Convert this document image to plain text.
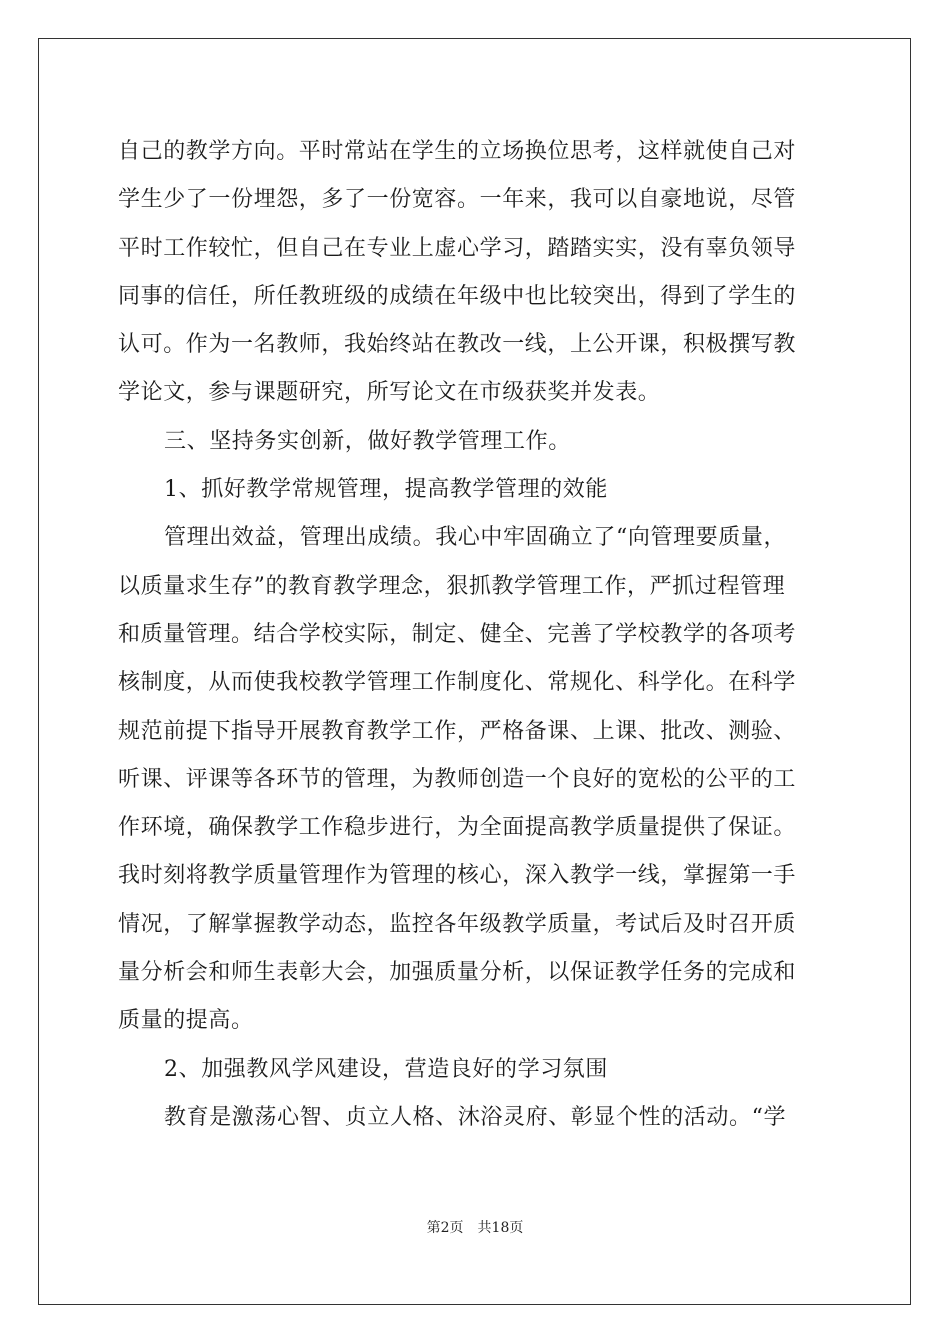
自己的教学方向。平时常站在学生的立场换位思考，这样就使自己对
学生少了一份埋怨，多了一份宽容。一年来，我可以自豪地说，尽管
平时工作较忙，但自己在专业上虚心学习，踏踏实实，没有辜负领导
同事的信任，所任教班级的成绩在年级中也比较突出，得到了学生的
认可。作为一名教师，我始终站在教改一线，上公开课，积极撰写教
学论文，参与课题研究，所写论文在市级获奖并发表。
三、坚持务实创新，做好教学管理工作。
1、抓好教学常规管理，提高教学管理的效能
管理出效益，管理出成绩。我心中牢固确立了“向管理要质量，
以质量求生存”的教育教学理念，狠抓教学管理工作，严抓过程管理
和质量管理。结合学校实际，制定、健全、完善了学校教学的各项考
核制度，从而使我校教学管理工作制度化、常规化、科学化。在科学
规范前提下指导开展教育教学工作，严格备课、上课、批改、测验、
听课、评课等各环节的管理，为教师创造一个良好的宽松的公平的工
作环境，确保教学工作稳步进行，为全面提高教学质量提供了保证。
我时刻将教学质量管理作为管理的核心，深入教学一线，掌握第一手
情况，了解掌握教学动态，监控各年级教学质量，考试后及时召开质
量分析会和师生表彰大会，加强质量分析，以保证教学任务的完成和
质量的提高。
2、加强教风学风建设，营造良好的学习氛围
教育是激荡心智、贞立人格、沐浴灵府、彰显个性的活动。“学
第2页 共18页
